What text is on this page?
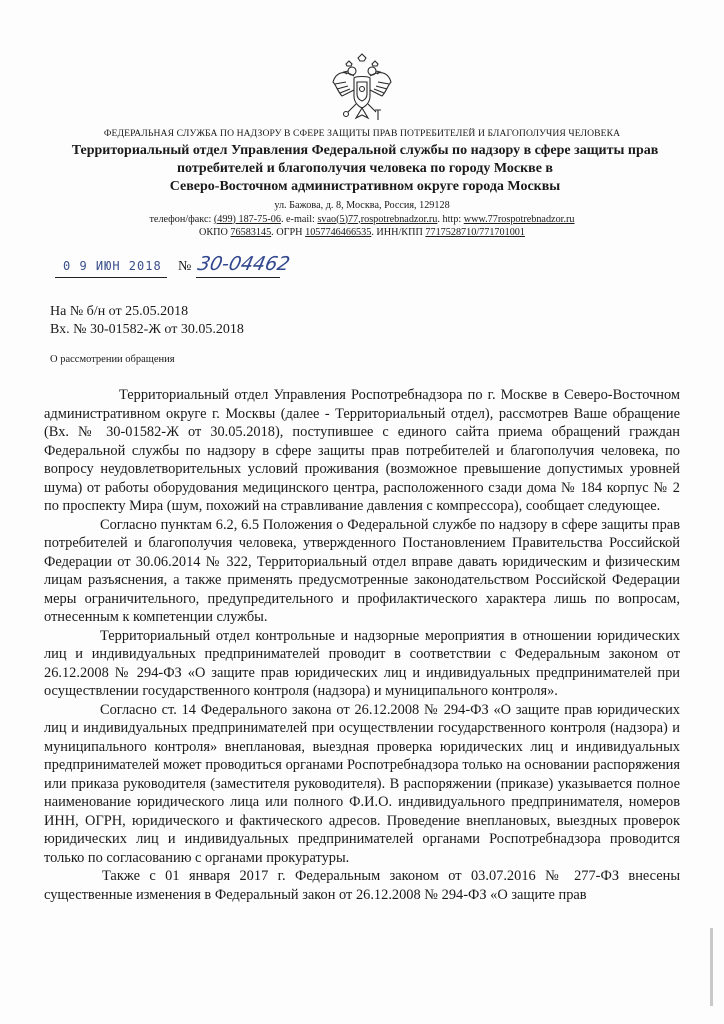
ФЕДЕРАЛЬНАЯ СЛУЖБА ПО НАДЗОРУ В СФЕРЕ ЗАЩИТЫ ПРАВ ПОТРЕБИТЕЛЕЙ И БЛАГОПОЛУЧИЯ ЧЕЛОВЕКА
Территориальный отдел Управления Федеральной службы по надзору в сфере защиты прав
потребителей и благополучия человека по городу Москве в
Северо-Восточном административном округе города Москвы
ул. Бажова, д. 8, Москва, Россия, 129128
телефон/факс: (499) 187-75-06. e-mail: svao(5)77,rospotrebnadzor.ru. http: www.77rospotrebnadzor.ru
ОКПО 76583145. ОГРН 1057746466535. ИНН/КПП 7717528710/771701001
0 9 ИЮН 2018 № 30-04462
На № б/н от 25.05.2018
Вх. № 30-01582-Ж от 30.05.2018
О рассмотрении обращения

Территориальный отдел Управления Роспотребнадзора по г. Москве в Северо-Восточном административном округе г. Москвы (далее - Территориальный отдел), рассмотрев Ваше обращение (Вх. № 30-01582-Ж от 30.05.2018), поступившее с единого сайта приема обращений граждан Федеральной службы по надзору в сфере защиты прав потребителей и благополучия человека, по вопросу неудовлетворительных условий проживания (возможное превышение допустимых уровней шума) от работы оборудования медицинского центра, расположенного сзади дома № 184 корпус № 2 по проспекту Мира (шум, похожий на стравливание давления с компрессора), сообщает следующее.

Согласно пунктам 6.2, 6.5 Положения о Федеральной службе по надзору в сфере защиты прав потребителей и благополучия человека, утвержденного Постановлением Правительства Российской Федерации от 30.06.2014 № 322, Территориальный отдел вправе давать юридическим и физическим лицам разъяснения, а также применять предусмотренные законодательством Российской Федерации меры ограничительного, предупредительного и профилактического характера лишь по вопросам, отнесенным к компетенции службы.

Территориальный отдел контрольные и надзорные мероприятия в отношении юридических лиц и индивидуальных предпринимателей проводит в соответствии с Федеральным законом от 26.12.2008 № 294-ФЗ «О защите прав юридических лиц и индивидуальных предпринимателей при осуществлении государственного контроля (надзора) и муниципального контроля».

Согласно ст. 14 Федерального закона от 26.12.2008 № 294-ФЗ «О защите прав юридических лиц и индивидуальных предпринимателей при осуществлении государственного контроля (надзора) и муниципального контроля» внеплановая, выездная проверка юридических лиц и индивидуальных предпринимателей может проводиться органами Роспотребнадзора только на основании распоряжения или приказа руководителя (заместителя руководителя). В распоряжении (приказе) указывается полное наименование юридического лица или полного Ф.И.О. индивидуального предпринимателя, номеров ИНН, ОГРН, юридического и фактического адресов. Проведение внеплановых, выездных проверок юридических лиц и индивидуальных предпринимателей органами Роспотребнадзора проводится только по согласованию с органами прокуратуры.

Также с 01 января 2017 г. Федеральным законом от 03.07.2016 № 277-ФЗ внесены существенные изменения в Федеральный закон от 26.12.2008 № 294-ФЗ «О защите прав
